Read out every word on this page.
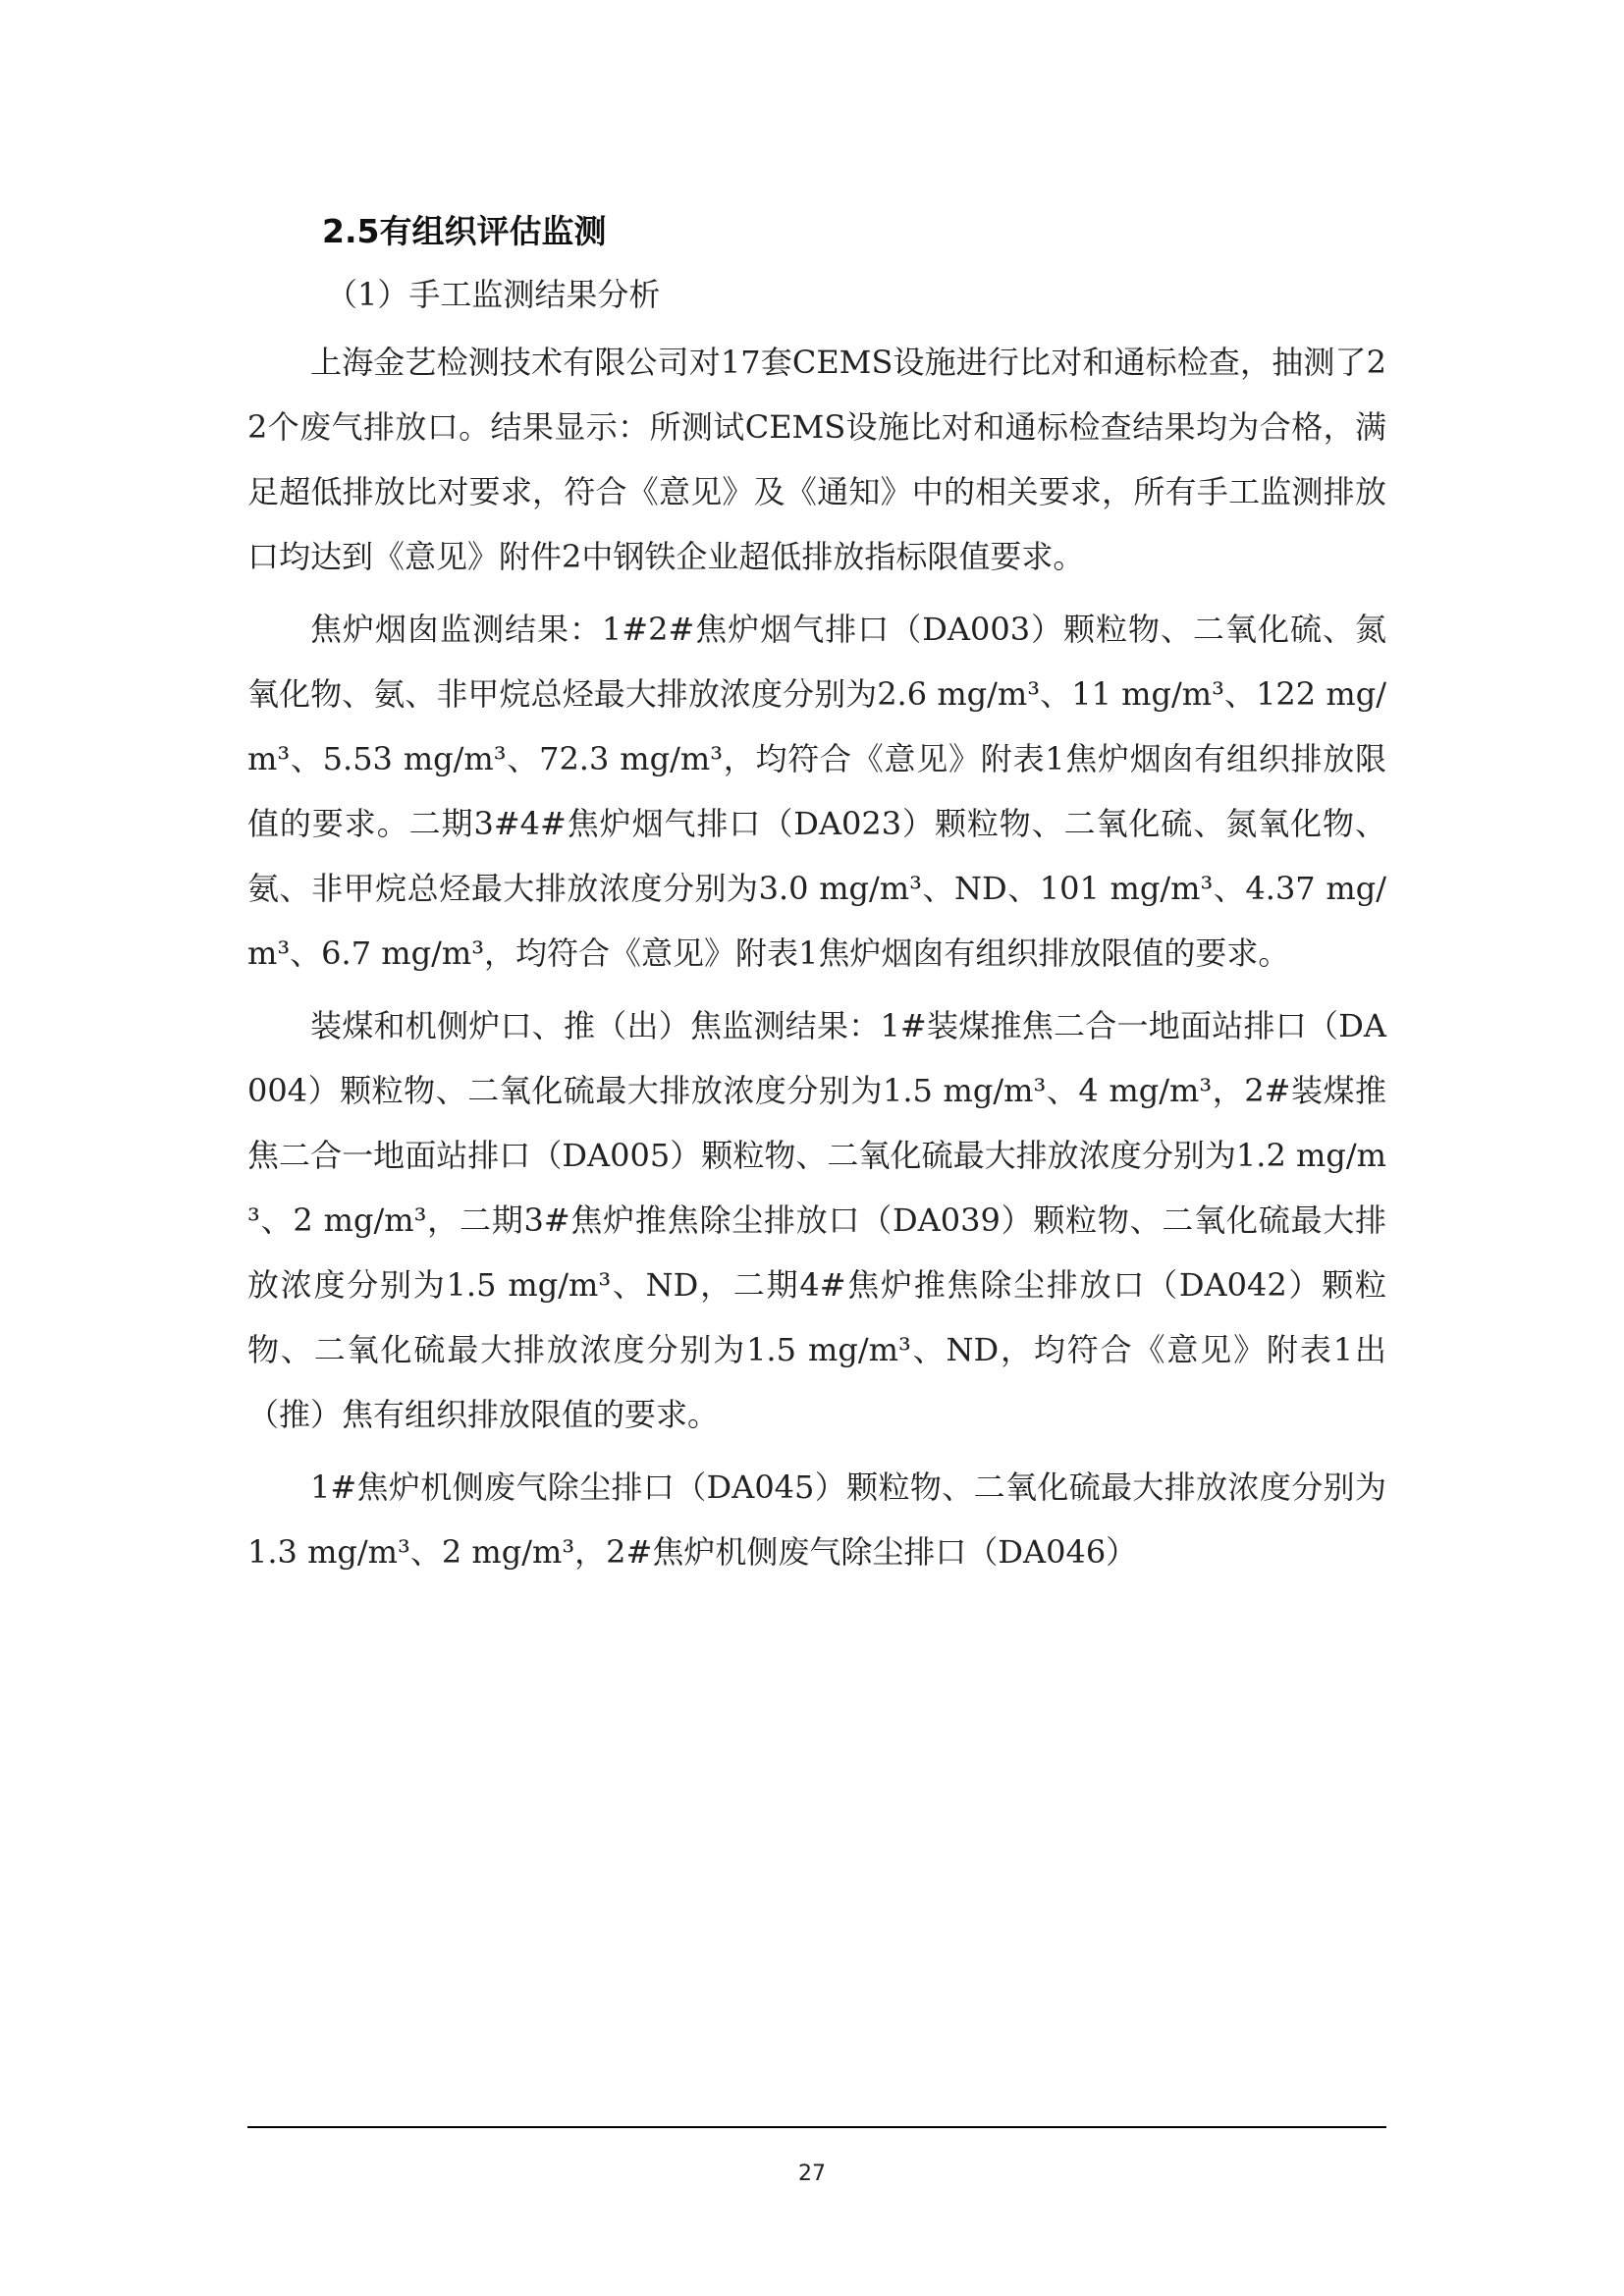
2.5有组织评估监测

（1）手工监测结果分析

上海金艺检测技术有限公司对17套CEMS设施进行比对和通标检查，抽测了22个废气排放口。结果显示：所测试CEMS设施比对和通标检查结果均为合格，满足超低排放比对要求，符合《意见》及《通知》中的相关要求，所有手工监测排放口均达到《意见》附件2中钢铁企业超低排放指标限值要求。

焦炉烟囱监测结果：1#2#焦炉烟气排口（DA003）颗粒物、二氧化硫、氮氧化物、氨、非甲烷总烃最大排放浓度分别为2.6 mg/m³、11 mg/m³、122 mg/m³、5.53 mg/m³、72.3 mg/m³，均符合《意见》附表1焦炉烟囱有组织排放限值的要求。二期3#4#焦炉烟气排口（DA023）颗粒物、二氧化硫、氮氧化物、氨、非甲烷总烃最大排放浓度分别为3.0 mg/m³、ND、101 mg/m³、4.37 mg/m³、6.7 mg/m³，均符合《意见》附表1焦炉烟囱有组织排放限值的要求。

装煤和机侧炉口、推（出）焦监测结果：1#装煤推焦二合一地面站排口（DA004）颗粒物、二氧化硫最大排放浓度分别为1.5 mg/m³、4 mg/m³，2#装煤推焦二合一地面站排口（DA005）颗粒物、二氧化硫最大排放浓度分别为1.2 mg/m³、2 mg/m³，二期3#焦炉推焦除尘排放口（DA039）颗粒物、二氧化硫最大排放浓度分别为1.5 mg/m³、ND，二期4#焦炉推焦除尘排放口（DA042）颗粒物、二氧化硫最大排放浓度分别为1.5 mg/m³、ND，均符合《意见》附表1出（推）焦有组织排放限值的要求。

1#焦炉机侧废气除尘排口（DA045）颗粒物、二氧化硫最大排放浓度分别为1.3 mg/m³、2 mg/m³，2#焦炉机侧废气除尘排口（DA046）

27
